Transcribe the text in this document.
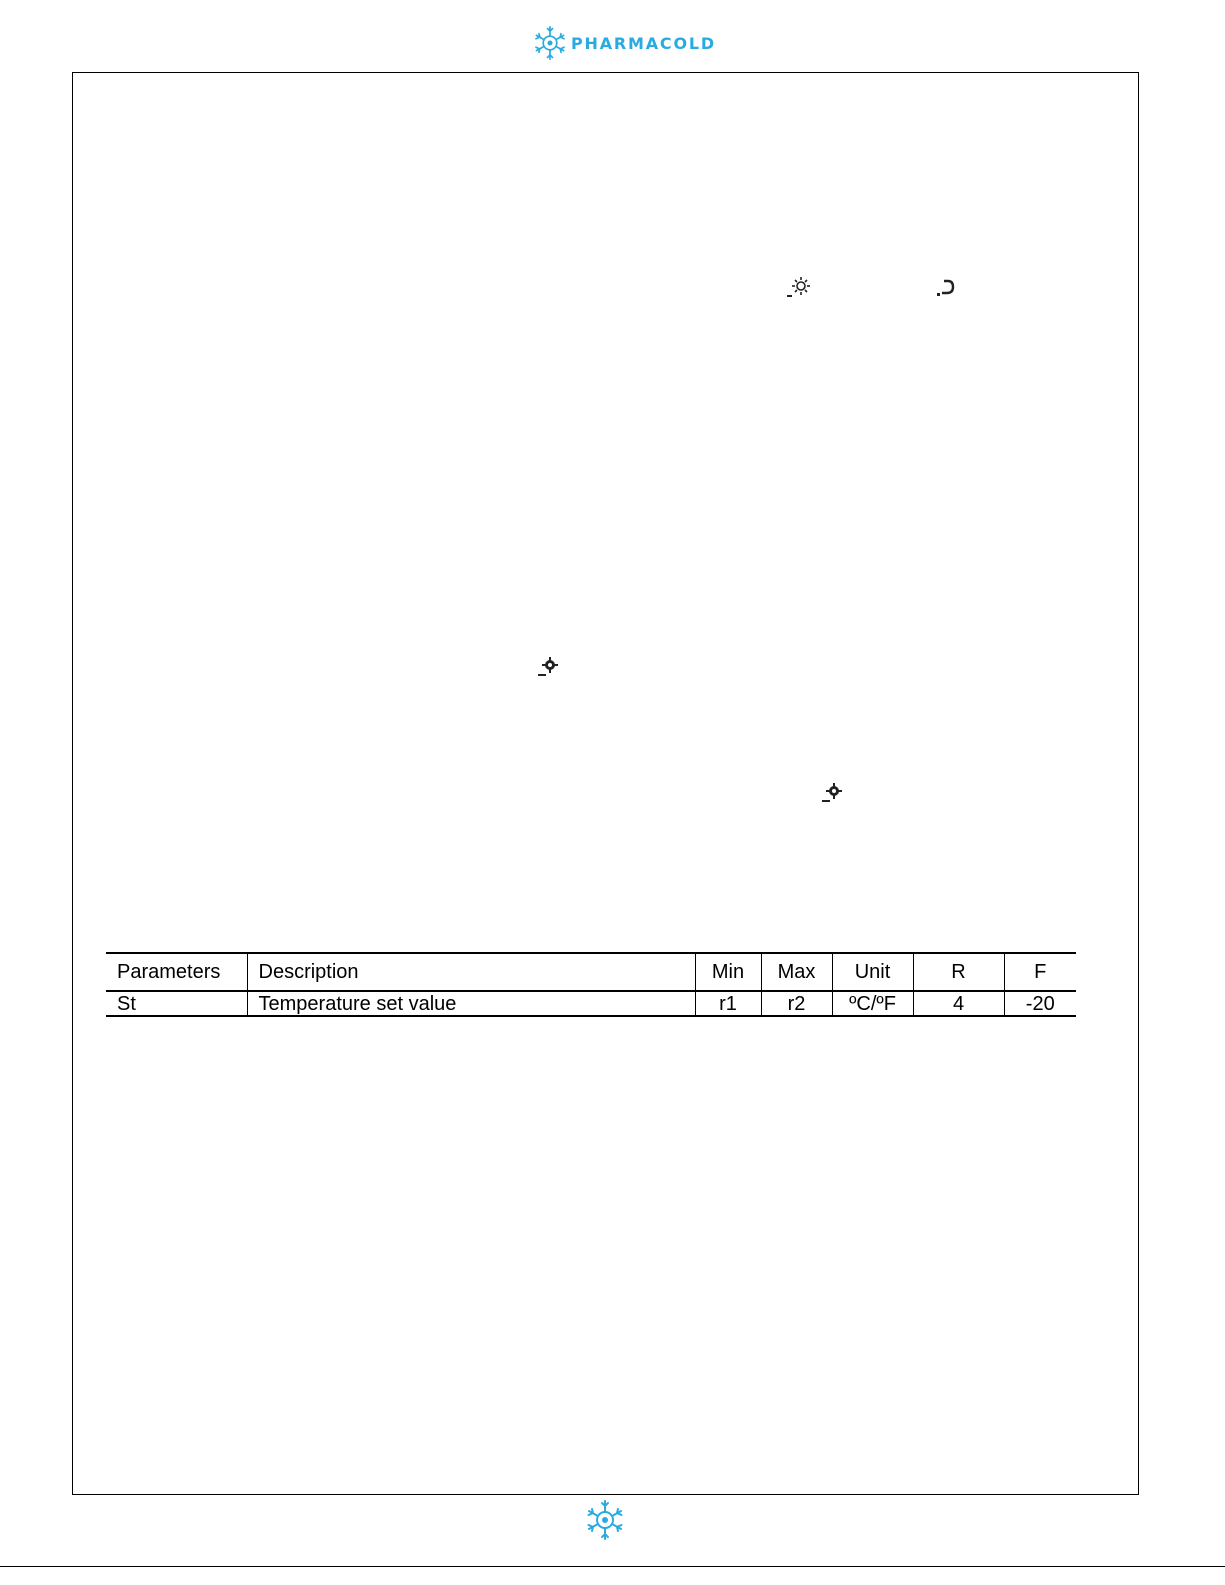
PHARMACOLD
Parameters	Description	Min	Max	Unit	R	F
St	Temperature set value	r1	r2	ºC/ºF	4	-20
